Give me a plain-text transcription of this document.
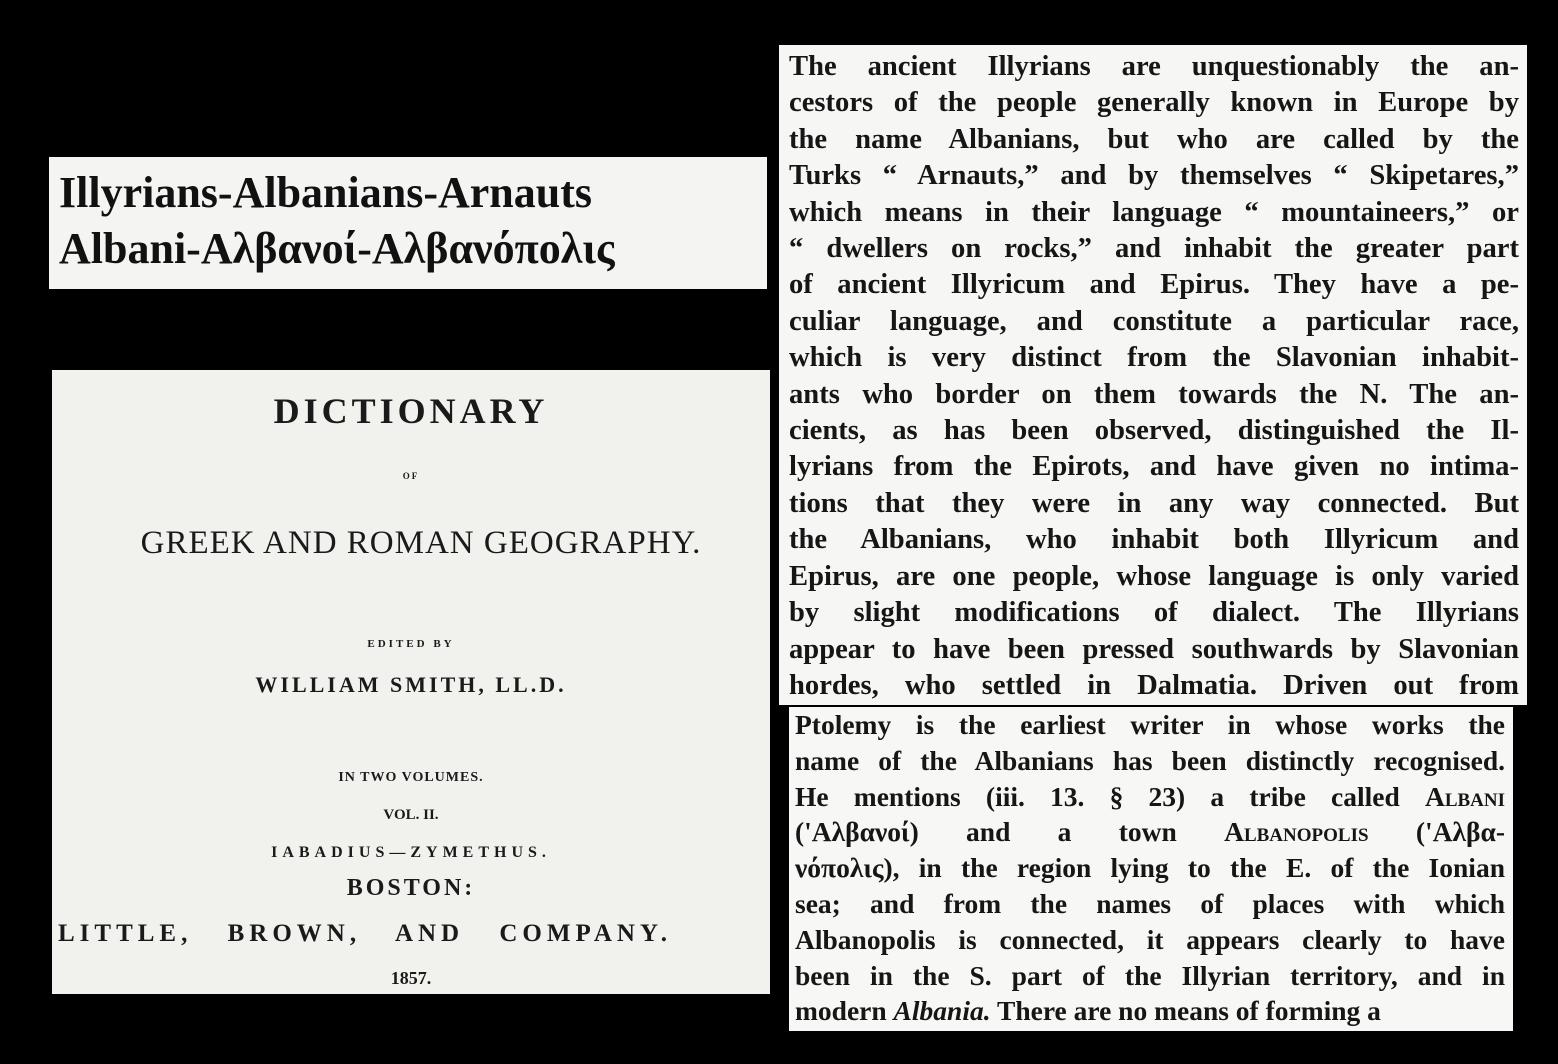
Illyrians-Albanians-Arnauts
Albani-Αλβανοί-Αλβανόπολις
DICTIONARY
OF
GREEK AND ROMAN GEOGRAPHY.
EDITED BY
WILLIAM SMITH, LL.D.
IN TWO VOLUMES.
VOL. II.
IABADIUS—ZYMETHUS.
BOSTON:
LITTLE, BROWN, AND COMPANY.
1857.
The ancient Illyrians are unquestionably the an-
cestors of the people generally known in Europe by
the name Albanians, but who are called by the
Turks “ Arnauts,” and by themselves “ Skipetares,”
which means in their language “ mountaineers,” or
“ dwellers on rocks,” and inhabit the greater part
of ancient Illyricum and Epirus. They have a pe-
culiar language, and constitute a particular race,
which is very distinct from the Slavonian inhabit-
ants who border on them towards the N. The an-
cients, as has been observed, distinguished the Il-
lyrians from the Epirots, and have given no intima-
tions that they were in any way connected. But
the Albanians, who inhabit both Illyricum and
Epirus, are one people, whose language is only varied
by slight modifications of dialect. The Illyrians
appear to have been pressed southwards by Slavonian
hordes, who settled in Dalmatia. Driven out from
Ptolemy is the earliest writer in whose works the
name of the Albanians has been distinctly recognised.
He mentions (iii. 13. § 23) a tribe called Albani
('Αλβανοί) and a town Albanopolis ('Αλβα-
νόπολις), in the region lying to the E. of the Ionian
sea; and from the names of places with which
Albanopolis is connected, it appears clearly to have
been in the S. part of the Illyrian territory, and in
modern Albania. There are no means of forming a
